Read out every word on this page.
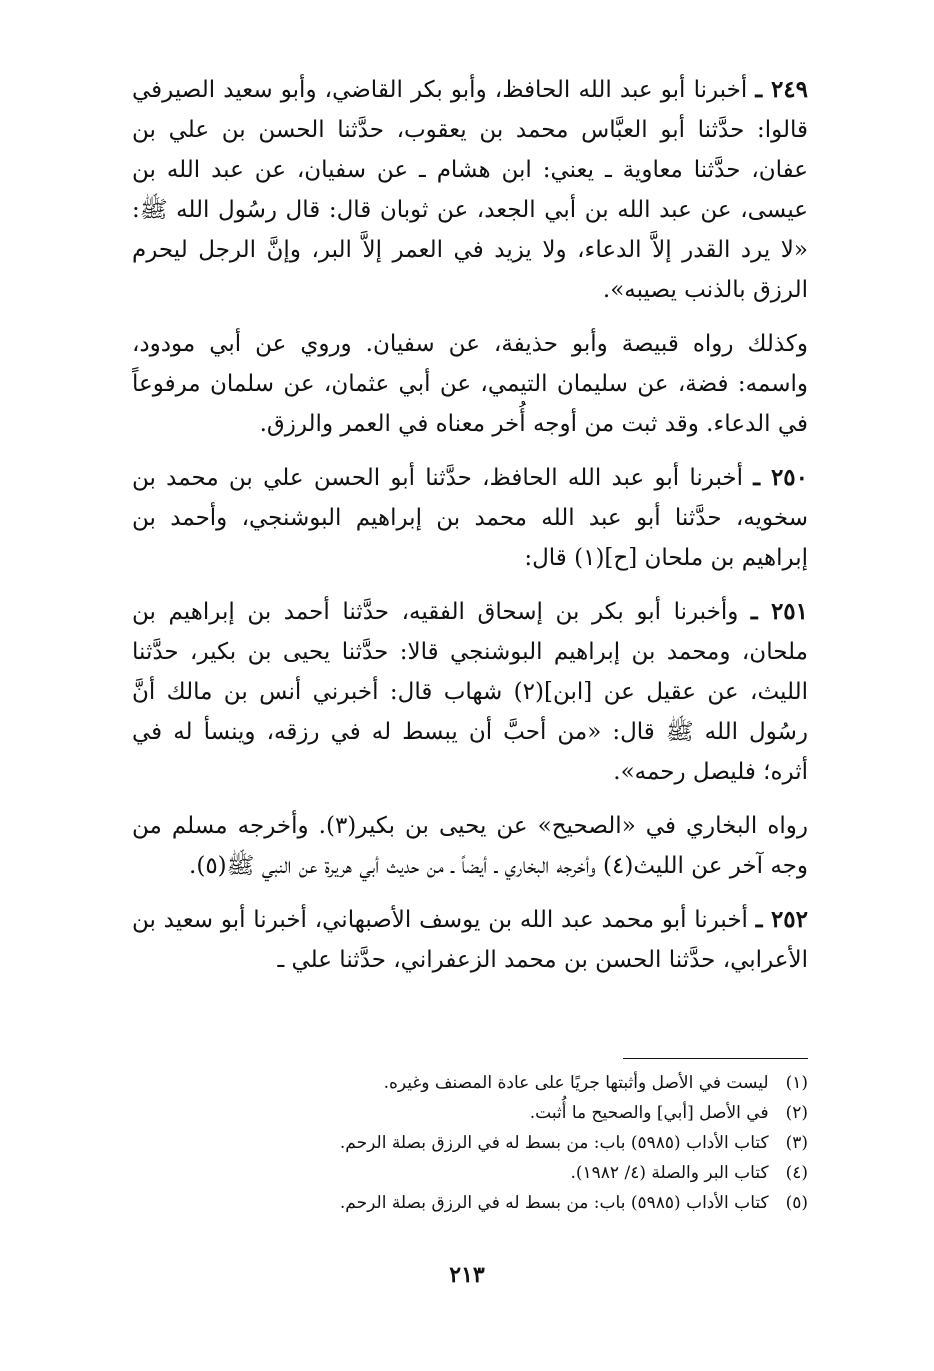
٢٤٩ ـ أخبرنا أبو عبد الله الحافظ، وأبو بكر القاضي، وأبو سعيد الصيرفي قالوا: حدَّثنا أبو العبَّاس محمد بن يعقوب، حدَّثنا الحسن بن علي بن عفان، حدَّثنا معاوية ـ يعني: ابن هشام ـ عن سفيان، عن عبد الله بن عيسى، عن عبد الله بن أبي الجعد، عن ثوبان قال: قال رسُول الله ﷺ: «لا يرد القدر إلاَّ الدعاء، ولا يزيد في العمر إلاَّ البر، وإنَّ الرجل ليحرم الرزق بالذنب يصيبه».

وكذلك رواه قبيصة وأبو حذيفة، عن سفيان. وروي عن أبي مودود، واسمه: فضة، عن سليمان التيمي، عن أبي عثمان، عن سلمان مرفوعاً في الدعاء. وقد ثبت من أوجه أُخر معناه في العمر والرزق.

٢٥٠ ـ أخبرنا أبو عبد الله الحافظ، حدَّثنا أبو الحسن علي بن محمد بن سخويه، حدَّثنا أبو عبد الله محمد بن إبراهيم البوشنجي، وأحمد بن إبراهيم بن ملحان [ح](١) قال:

٢٥١ ـ وأخبرنا أبو بكر بن إسحاق الفقيه، حدَّثنا أحمد بن إبراهيم بن ملحان، ومحمد بن إبراهيم البوشنجي قالا: حدَّثنا يحيى بن بكير، حدَّثنا الليث، عن عقيل عن [ابن](٢) شهاب قال: أخبرني أنس بن مالك أنَّ رسُول الله ﷺ قال: «من أحبَّ أن يبسط له في رزقه، وينسأ له في أثره؛ فليصل رحمه».

رواه البخاري في «الصحيح» عن يحيى بن بكير(٣). وأخرجه مسلم من وجه آخر عن الليث(٤) وأخرجه البخاري ـ أيضاً ـ من حديث أبي هريرة عن النبي ﷺ(٥).

٢٥٢ ـ أخبرنا أبو محمد عبد الله بن يوسف الأصبهاني، أخبرنا أبو سعيد بن الأعرابي، حدَّثنا الحسن بن محمد الزعفراني، حدَّثنا علي ـ

(١) ليست في الأصل وأثبتها جريًا على عادة المصنف وغيره.

(٢) في الأصل [أبي] والصحيح ما أُثبت.

(٣) كتاب الأداب (٥٩٨٥) باب: من بسط له في الرزق بصلة الرحم.

(٤) كتاب البر والصلة (٤/ ١٩٨٢).

(٥) كتاب الأداب (٥٩٨٥) باب: من بسط له في الرزق بصلة الرحم.

٢١٣
